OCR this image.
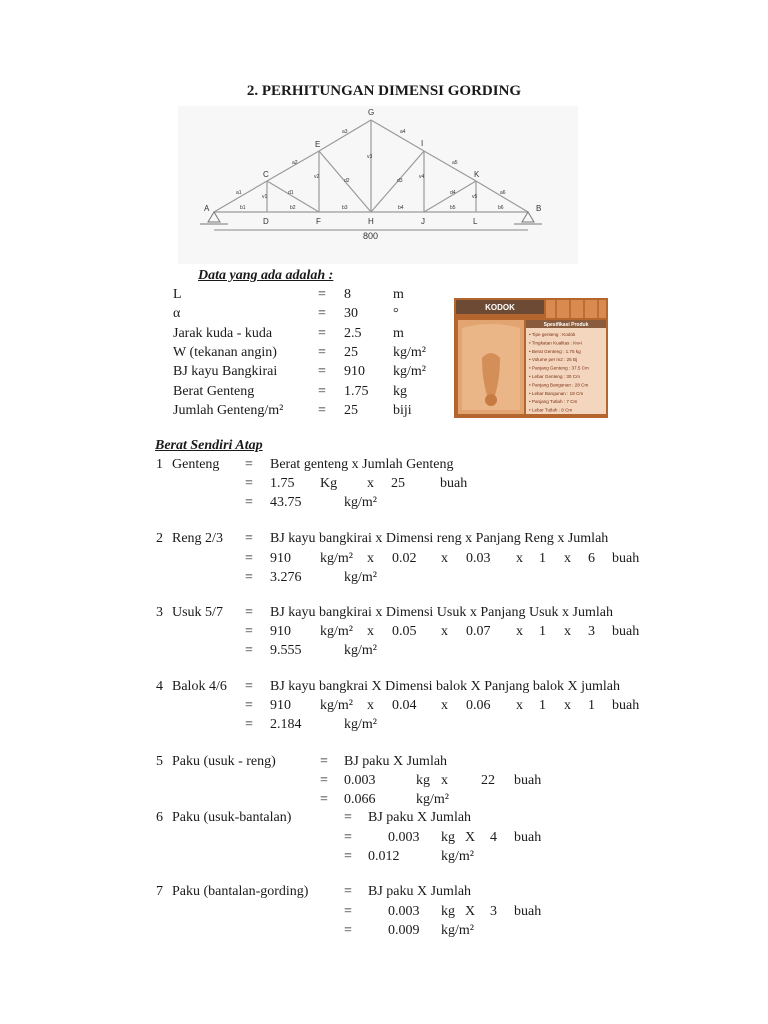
2. PERHITUNGAN DIMENSI GORDING
800
A	B
C
D
E
F
G
H
I
J
K
L
a1
a2
a3	a4
a5
a6
b1	b2	b3	b4	b5	b6
v1
v2
v3
v4
v5
d1
d2	d3
d4
Data yang ada adalah :
L	= 8	m
α	= 30	°
Jarak kuda - kuda	= 2.5 m
W (tekanan angin)	= 25	kg/m²
BJ kayu Bangkirai	= 910 kg/m²
Berat Genteng	= 1.75 kg
Jumlah Genteng/m² = 25	biji
KODOK
Spesifikasi Produk
• Tipe genteng : Kodok
• Tingkatan Kualitas : Kw-I
• Berat Genteng : 1.75 kg
• Volume per m2 : 25 Bj
• Panjang Genteng : 37.5 Cm
• Lebar Genteng : 30 Cm
• Panjang Bangunan : 28 Cm
• Lebar Bangunan : 18 Cm
• Panjang Tutlah : 7 Cm
• Lebar Tutlah : 8 Cm
Berat Sendiri Atap
1 Genteng = Berat genteng x Jumlah Genteng
= 1.75 Kg x 25	buah
= 43.75	kg/m²
2 Reng 2/3 = BJ kayu bangkirai x Dimensi reng x Panjang Reng x Jumlah
= 910 kg/m² x 0.02 x 0.03 x 1 x 6 buah
= 3.276	kg/m²
3 Usuk 5/7 = BJ kayu bangkirai x Dimensi Usuk x Panjang Usuk x Jumlah
= 910 kg/m² x 0.05 x 0.07 x 1 x 3 buah
= 9.555	kg/m²
4 Balok 4/6 = BJ kayu bangkrai X Dimensi balok X Panjang balok X jumlah
= 910 kg/m² x 0.04 x 0.06 x 1 x 1 buah
= 2.184	kg/m²
5 Paku (usuk - reng)	= BJ paku X Jumlah
= 0.003	kg x 22 buah
= 0.066	kg/m²
6 Paku (usuk-bantalan)	= BJ paku X Jumlah
=	0.003 kg X 4 buah
= 0.012	kg/m²
7 Paku (bantalan-gording)	= BJ paku X Jumlah
=	0.003 kg X 3 buah
=	0.009 kg/m²
